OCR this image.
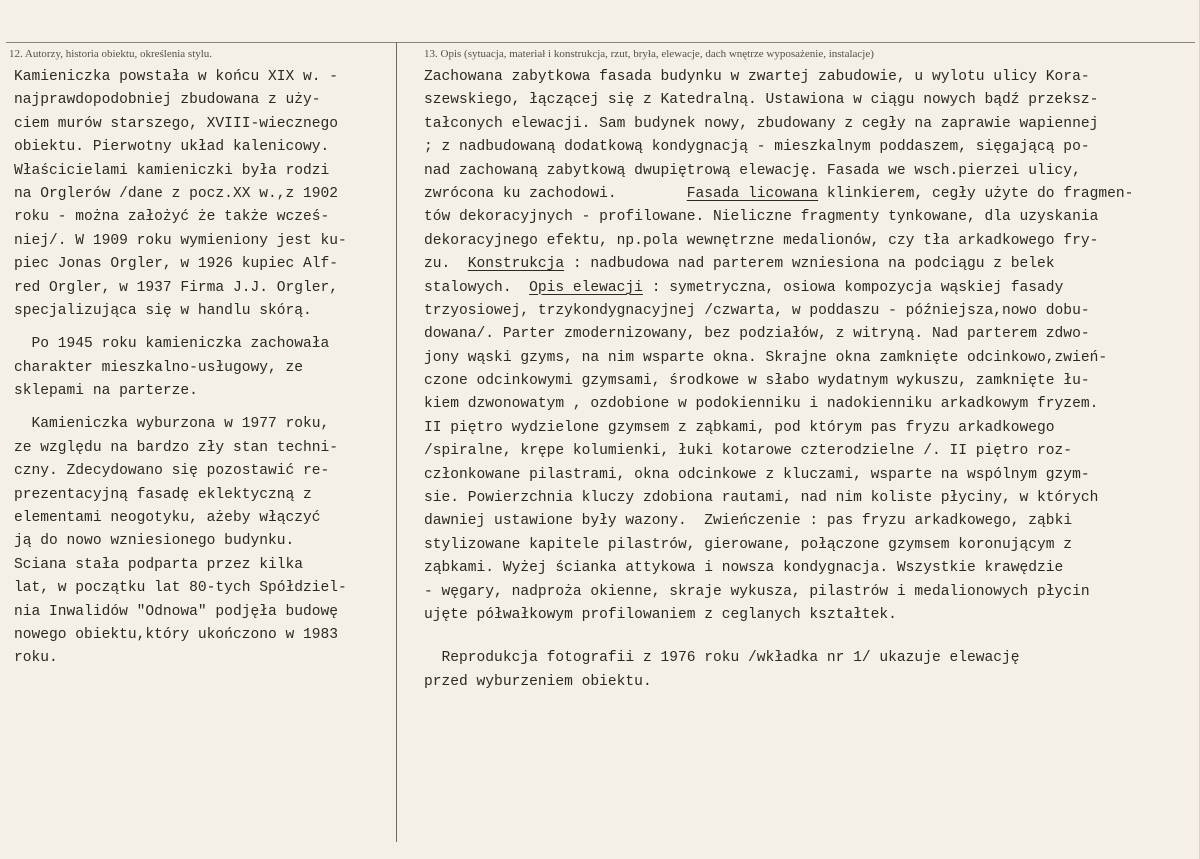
12. Autorzy, historia obiektu, określenia stylu.	13. Opis (sytuacja, materiał i konstrukcja, rzut, bryła, elewacje, dach wnętrze wyposażenie, instalacje)
Kamieniczka powstała w końcu XIX w. -
najprawdopodobniej zbudowana z uży-
ciem murów starszego, XVIII-wiecznego
obiektu. Pierwotny układ kalenicowy.
Właścicielami kamieniczki była rodzi
na Orglerów /dane z pocz.XX w.,z 1902
roku - można założyć że także wcześ-
niej/. W 1909 roku wymieniony jest ku-
piec Jonas Orgler, w 1926 kupiec Alf-
red Orgler, w 1937 Firma J.J. Orgler,
specjalizująca się w handlu skórą.
Po 1945 roku kamieniczka zachowała
charakter mieszkalno-usługowy, ze
sklepami na parterze.
Kamieniczka wyburzona w 1977 roku,
ze względu na bardzo zły stan techni-
czny. Zdecydowano się pozostawić re-
prezentacyjną fasadę eklektyczną z
elementami neogotyku, ażeby włączyć
ją do nowo wzniesionego budynku.
Sciana stała podparta przez kilka
lat, w początku lat 80-tych Spółdziel-
nia Inwalidów "Odnowa" podjęła budowę
nowego obiektu,który ukończono w 1983
roku.
Zachowana zabytkowa fasada budynku w zwartej zabudowie, u wylotu ulicy Kora-
szewskiego, łączącej się z Katedralną. Ustawiona w ciągu nowych bądź przeksz-
tałconych elewacji. Sam budynek nowy, zbudowany z cegły na zaprawie wapiennej
; z nadbudowaną dodatkową kondygnacją - mieszkalnym poddaszem, sięgającą po-
nad zachowaną zabytkową dwupiętrową elewację. Fasada we wsch.pierzei ulicy,
zwrócona ku zachodowi.	Fasada licowana klinkierem, cegły użyte do fragmen-
tów dekoracyjnych - profilowane. Nieliczne fragmenty tynkowane, dla uzyskania
dekoracyjnego efektu, np.pola wewnętrzne medalionów, czy tła arkadkowego fry-
zu. Konstrukcja : nadbudowa nad parterem wzniesiona na podciągu z belek
stalowych. Opis elewacji : symetryczna, osiowa kompozycja wąskiej fasady
trzyosiowej, trzykondygnacyjnej /czwarta, w poddaszu - późniejsza,nowo dobu-
dowana/. Parter zmodernizowany, bez podziałów, z witryną. Nad parterem zdwo-
jony wąski gzyms, na nim wsparte okna. Skrajne okna zamknięte odcinkowo,zwień-
czone odcinkowymi gzymsami, środkowe w słabo wydatnym wykuszu, zamknięte łu-
kiem dzwonowatym , ozdobione w podokienniku i nadokienniku arkadkowym fryzem.
II piętro wydzielone gzymsem z ząbkami, pod którym pas fryzu arkadkowego
/spiralne, krępe kolumienki, łuki kotarowe czterodzielne /. II piętro roz-
członkowane pilastrami, okna odcinkowe z kluczami, wsparte na wspólnym gzym-
sie. Powierzchnia kluczy zdobiona rautami, nad nim koliste płyciny, w których
dawniej ustawione były wazony. Zwieńczenie : pas fryzu arkadkowego, ząbki
stylizowane kapitele pilastrów, gierowane, połączone gzymsem koronującym z
ząbkami. Wyżej ścianka attykowa i nowsza kondygnacja. Wszystkie krawędzie
- węgary, nadproża okienne, skraje wykusza, pilastrów i medalionowych płycin
ujęte półwałkowym profilowaniem z ceglanych kształtek.
Reprodukcja fotografii z 1976 roku /wkładka nr 1/ ukazuje elewację
przed wyburzeniem obiektu.
